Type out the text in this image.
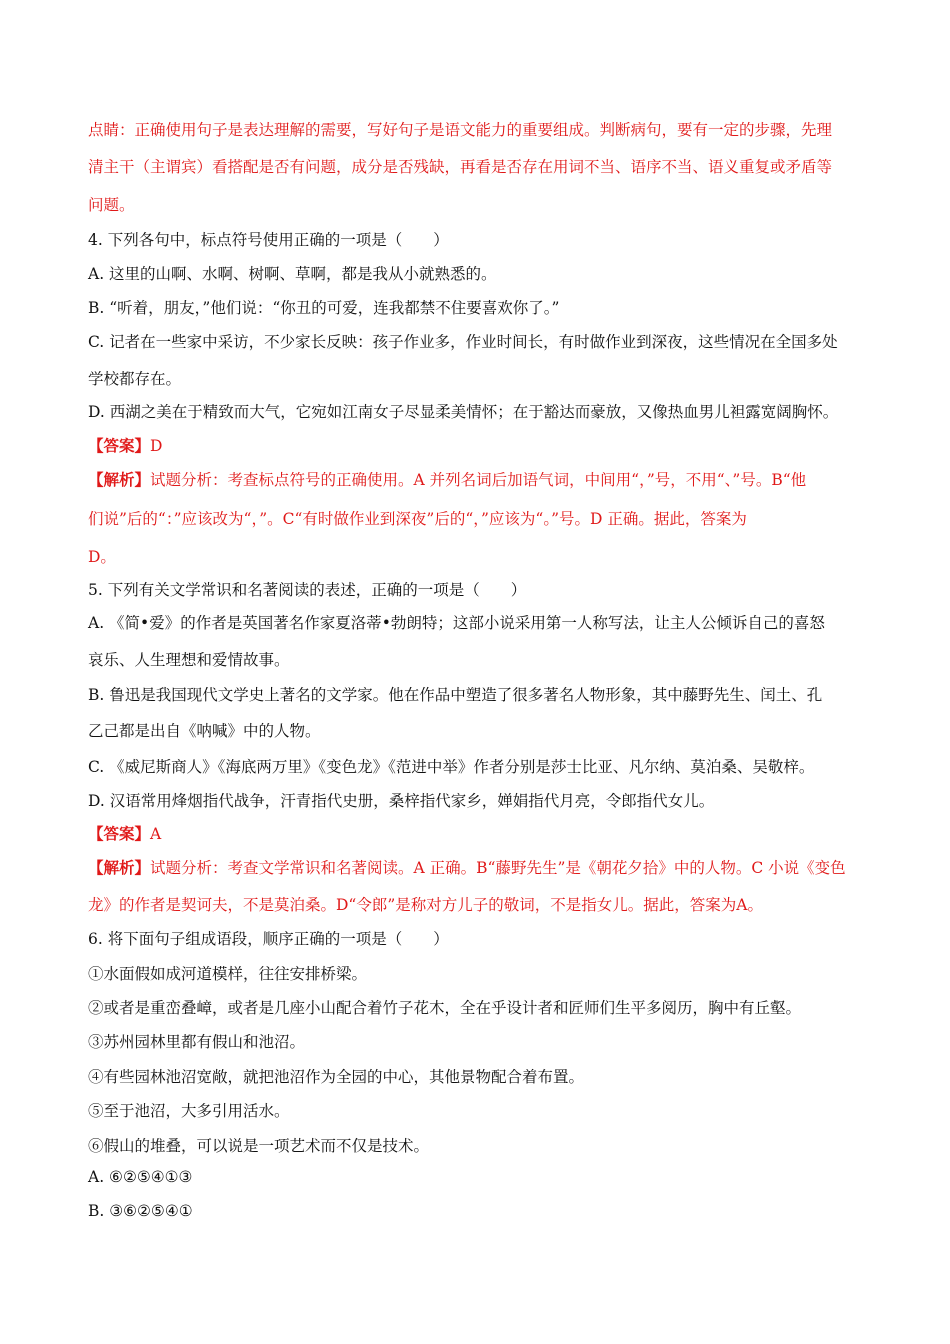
点睛：正确使用句子是表达理解的需要，写好句子是语文能力的重要组成。判断病句，要有一定的步骤，先理
清主干（主谓宾）看搭配是否有问题，成分是否残缺，再看是否存在用词不当、语序不当、语义重复或矛盾等
问题。
4. 下列各句中，标点符号使用正确的一项是（　　）
A. 这里的山啊、水啊、树啊、草啊，都是我从小就熟悉的。
B. “听着，朋友，”他们说：“你丑的可爱，连我都禁不住要喜欢你了。”
C. 记者在一些家中采访，不少家长反映：孩子作业多，作业时间长，有时做作业到深夜，这些情况在全国多处
学校都存在。
D. 西湖之美在于精致而大气，它宛如江南女子尽显柔美情怀；在于豁达而豪放，又像热血男儿袒露宽阔胸怀。
【答案】D
【解析】试题分析：考查标点符号的正确使用。A 并列名词后加语气词，中间用“，”号，不用“、”号。B“他
们说”后的“：”应该改为“，”。C“有时做作业到深夜”后的“，”应该为“。”号。D 正确。据此，答案为
D。
5. 下列有关文学常识和名著阅读的表述，正确的一项是（　　）
A. 《简•爱》的作者是英国著名作家夏洛蒂•勃朗特；这部小说采用第一人称写法，让主人公倾诉自己的喜怒
哀乐、人生理想和爱情故事。
B. 鲁迅是我国现代文学史上著名的文学家。他在作品中塑造了很多著名人物形象，其中藤野先生、闰土、孔
乙己都是出自《呐喊》中的人物。
C. 《威尼斯商人》《海底两万里》《变色龙》《范进中举》作者分别是莎士比亚、凡尔纳、莫泊桑、吴敬梓。
D. 汉语常用烽烟指代战争，汗青指代史册，桑梓指代家乡，婵娟指代月亮，令郎指代女儿。
【答案】A
【解析】试题分析：考查文学常识和名著阅读。A 正确。B“藤野先生”是《朝花夕拾》中的人物。C 小说《变色
龙》的作者是契诃夫，不是莫泊桑。D“令郎”是称对方儿子的敬词，不是指女儿。据此，答案为A。
6. 将下面句子组成语段，顺序正确的一项是（　　）
①水面假如成河道模样，往往安排桥梁。
②或者是重峦叠嶂，或者是几座小山配合着竹子花木，全在乎设计者和匠师们生平多阅历，胸中有丘壑。
③苏州园林里都有假山和池沼。
④有些园林池沼宽敞，就把池沼作为全园的中心，其他景物配合着布置。
⑤至于池沼，大多引用活水。
⑥假山的堆叠，可以说是一项艺术而不仅是技术。
A. ⑥②⑤④①③
B. ③⑥②⑤④①
